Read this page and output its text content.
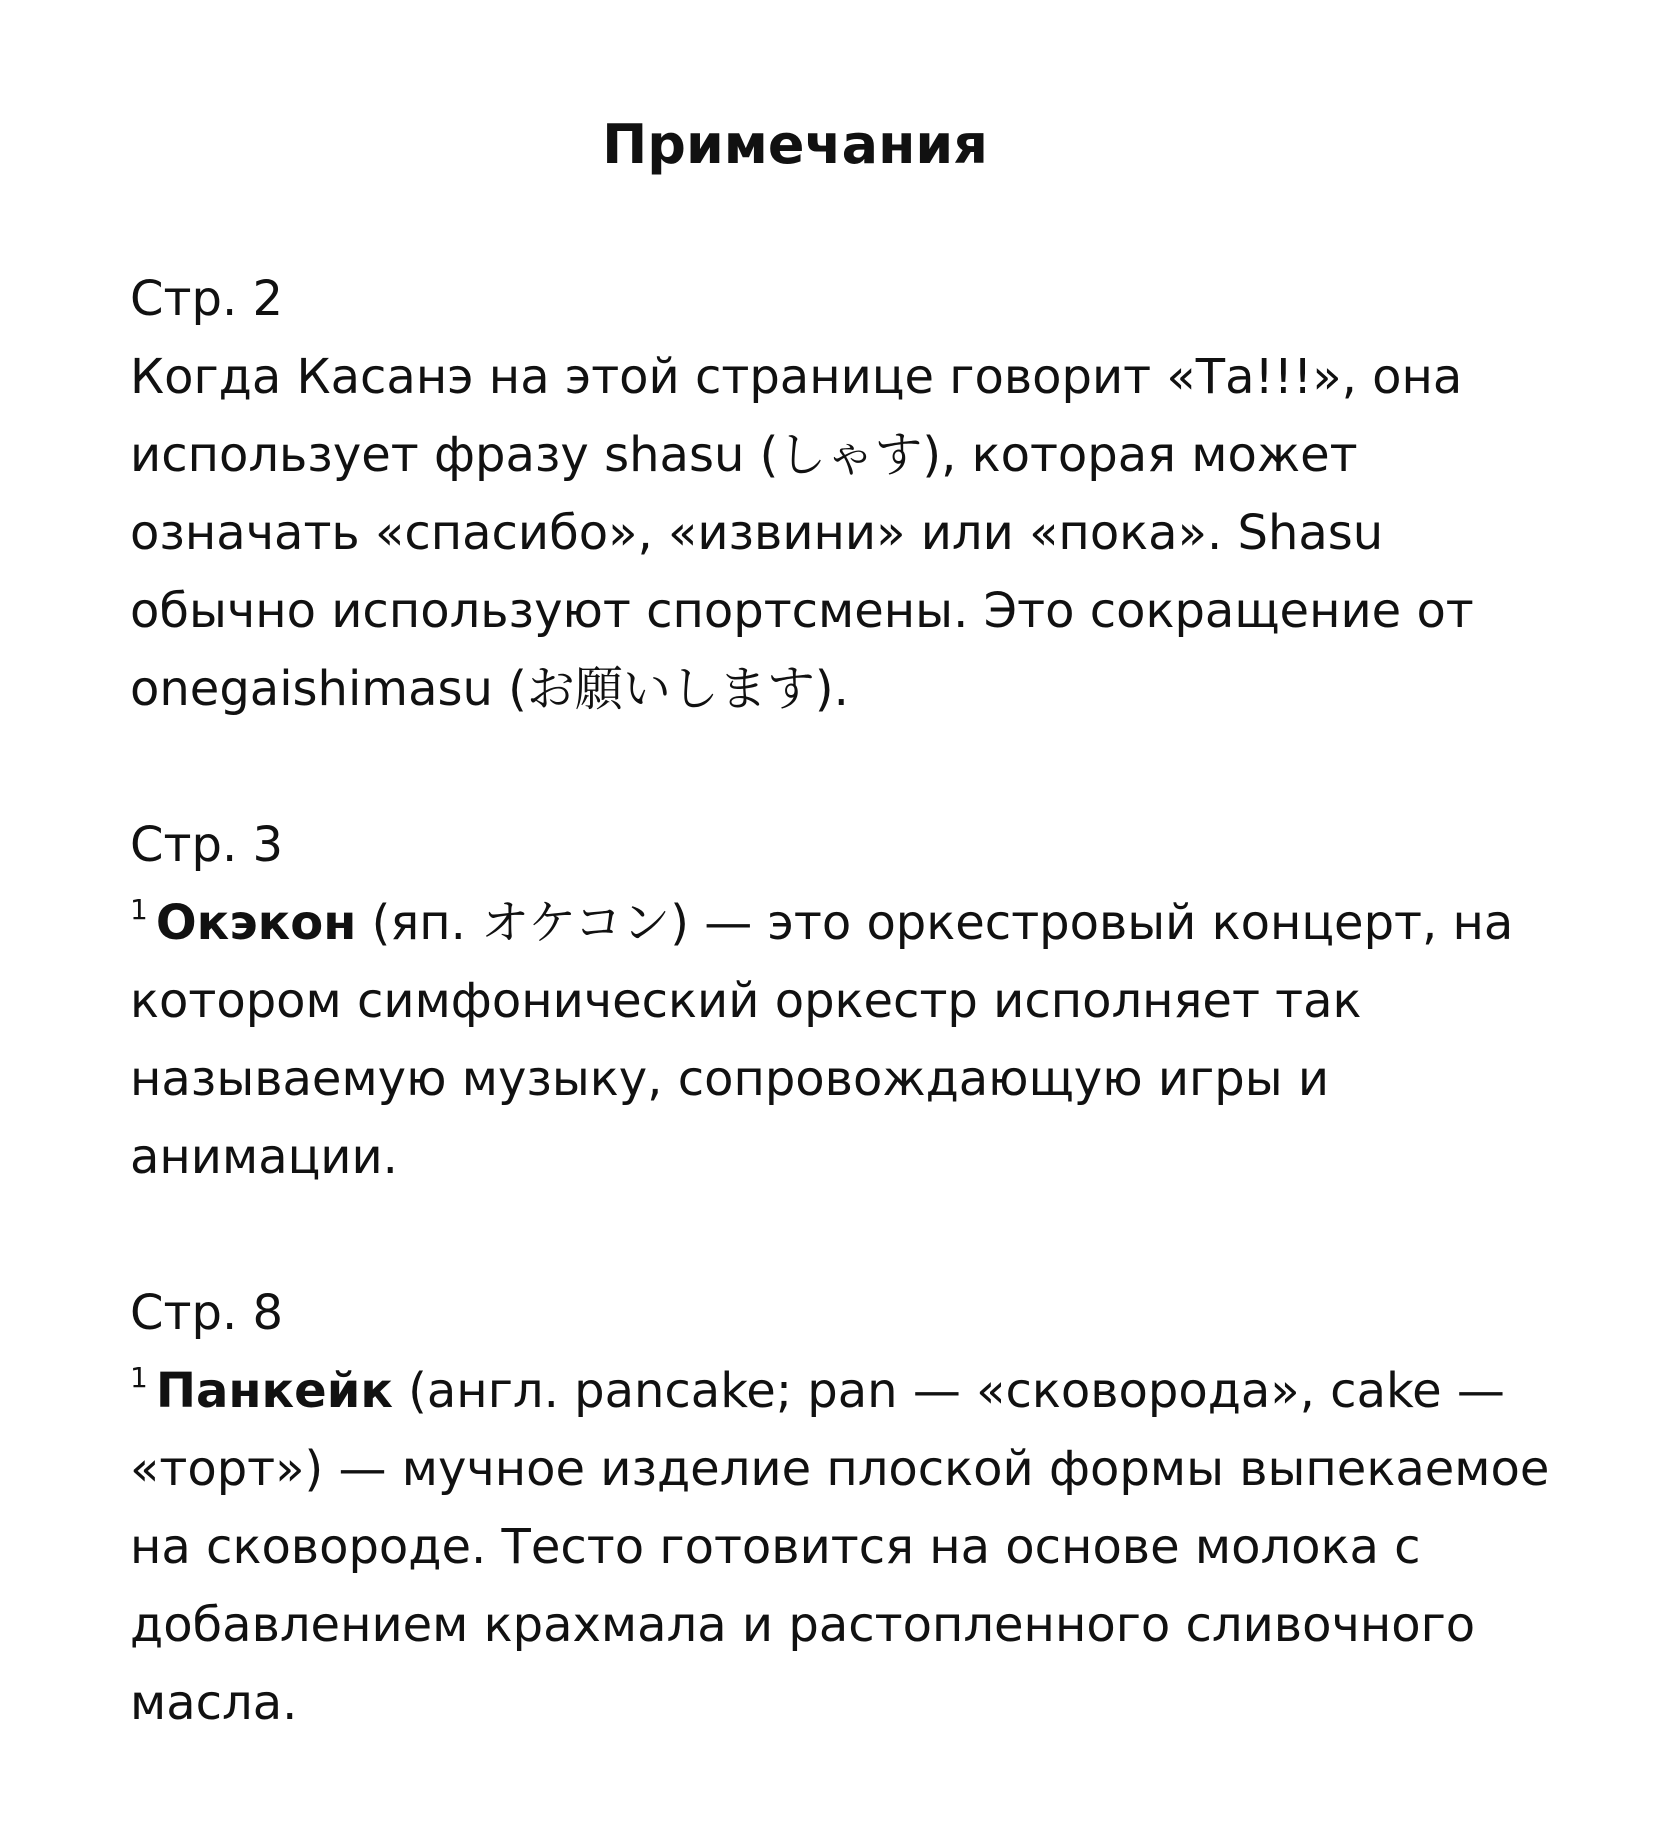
Примечания

Стр. 2

Когда Касанэ на этой странице говорит «Та!!!», она использует фразу shasu (しゃす), которая может означать «спасибо», «извини» или «пока». Shasu обычно используют спортсмены. Это сокращение от onegaishimasu (お願いします).

Стр. 3

$^1$ Окэкон (яп. オケコン) — это оркестровый концерт, на котором симфонический оркестр исполняет так называемую музыку, сопровождающую игры и анимации.

Стр. 8

$^1$ Панкейк (англ. pancake; pan — «сковорода», cake — «торт») — мучное изделие плоской формы выпекаемое на сковороде. Тесто готовится на основе молока с добавлением крахмала и растопленного сливочного масла.
